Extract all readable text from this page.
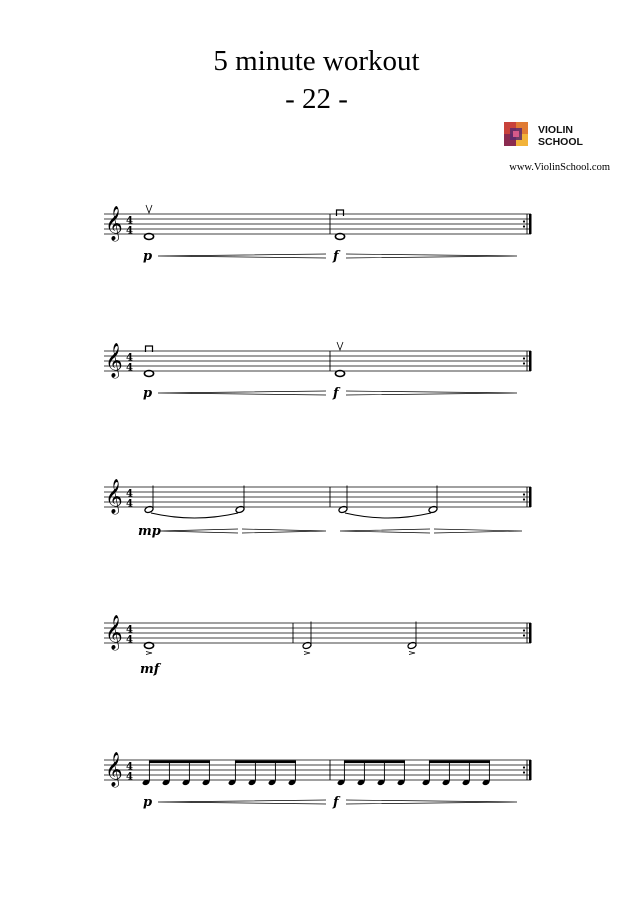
5 minute workout
- 22 -
VIOLIN
SCHOOL
www.ViolinSchool.com
𝄞 4
4
p	f
𝄞 4
4
p	f
𝄞 4
4
mp
𝄞 4
4
mf
𝄞 4
4
p	f
